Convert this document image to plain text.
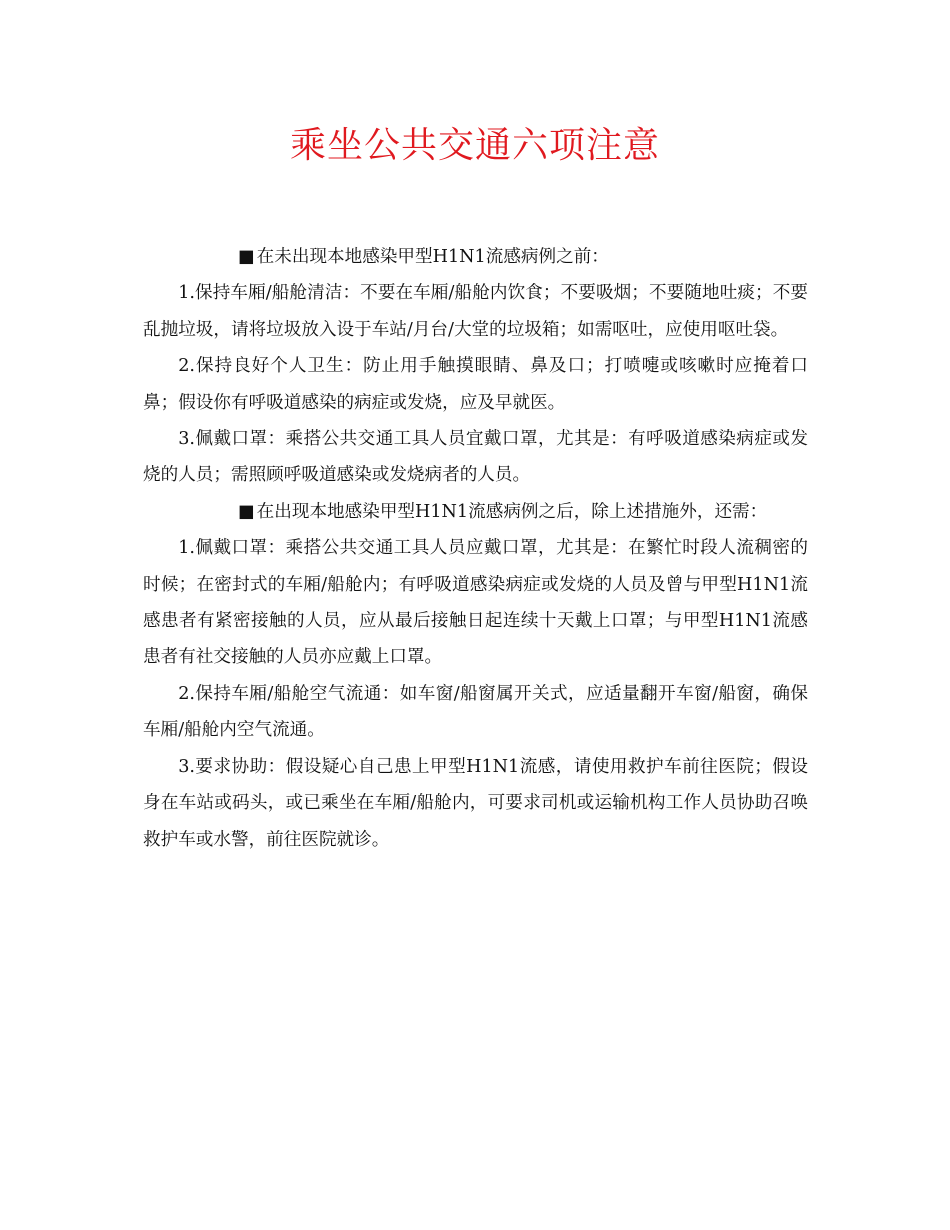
乘坐公共交通六项注意

■ 在未出现本地感染甲型H1N1流感病例之前：

1.保持车厢/船舱清洁：不要在车厢/船舱内饮食；不要吸烟；不要随地吐痰；不要乱抛垃圾，请将垃圾放入设于车站/月台/大堂的垃圾箱；如需呕吐，应使用呕吐袋。

2.保持良好个人卫生：防止用手触摸眼睛、鼻及口；打喷嚏或咳嗽时应掩着口鼻；假设你有呼吸道感染的病症或发烧，应及早就医。

3.佩戴口罩：乘搭公共交通工具人员宜戴口罩，尤其是：有呼吸道感染病症或发烧的人员；需照顾呼吸道感染或发烧病者的人员。

■ 在出现本地感染甲型H1N1流感病例之后，除上述措施外，还需：

1.佩戴口罩：乘搭公共交通工具人员应戴口罩，尤其是：在繁忙时段人流稠密的时候；在密封式的车厢/船舱内；有呼吸道感染病症或发烧的人员及曾与甲型H1N1流感患者有紧密接触的人员，应从最后接触日起连续十天戴上口罩；与甲型H1N1流感患者有社交接触的人员亦应戴上口罩。

2.保持车厢/船舱空气流通：如车窗/船窗属开关式，应适量翻开车窗/船窗，确保车厢/船舱内空气流通。

3.要求协助：假设疑心自己患上甲型H1N1流感，请使用救护车前往医院；假设身在车站或码头，或已乘坐在车厢/船舱内，可要求司机或运输机构工作人员协助召唤救护车或水警，前往医院就诊。
